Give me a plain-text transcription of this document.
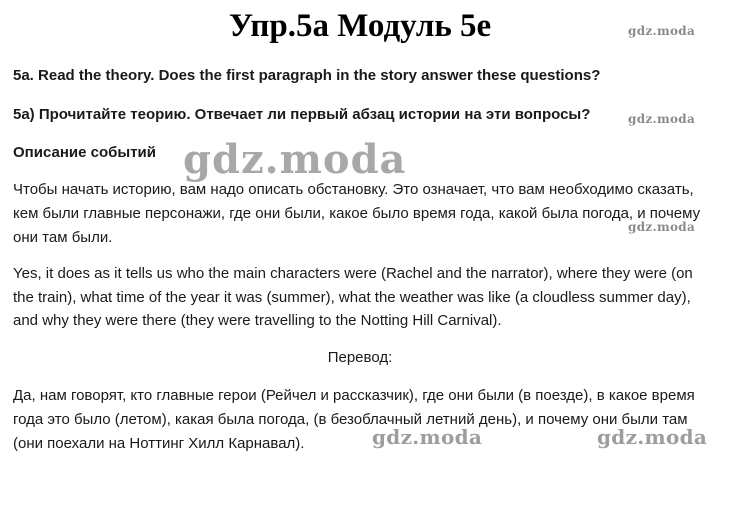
Упр.5а Модуль 5е

5a. Read the theory. Does the first paragraph in the story answer these questions?

5а) Прочитайте теорию. Отвечает ли первый абзац истории на эти вопросы?

Описание событий

Чтобы начать историю, вам надо описать обстановку. Это означает, что вам необходимо сказать,

кем были главные персонажи, где они были, какое было время года, какой была погода, и почему

они там были.

Yes, it does as it tells us who the main characters were (Rachel and the narrator), where they were (on

the train), what time of the year it was (summer), what the weather was like (a cloudless summer day),

and why they were there (they were travelling to the Notting Hill Carnival).

Перевод:

Да, нам говорят, кто главные герои (Рейчел и рассказчик), где они были (в поезде), в какое время

года это было (летом), какая была погода, (в безоблачный летний день), и почему они были там

(они поехали на Ноттинг Хилл Карнавал).

gdz.moda
gdz.moda
gdz.moda
gdz.moda
gdz.moda	gdz.moda
